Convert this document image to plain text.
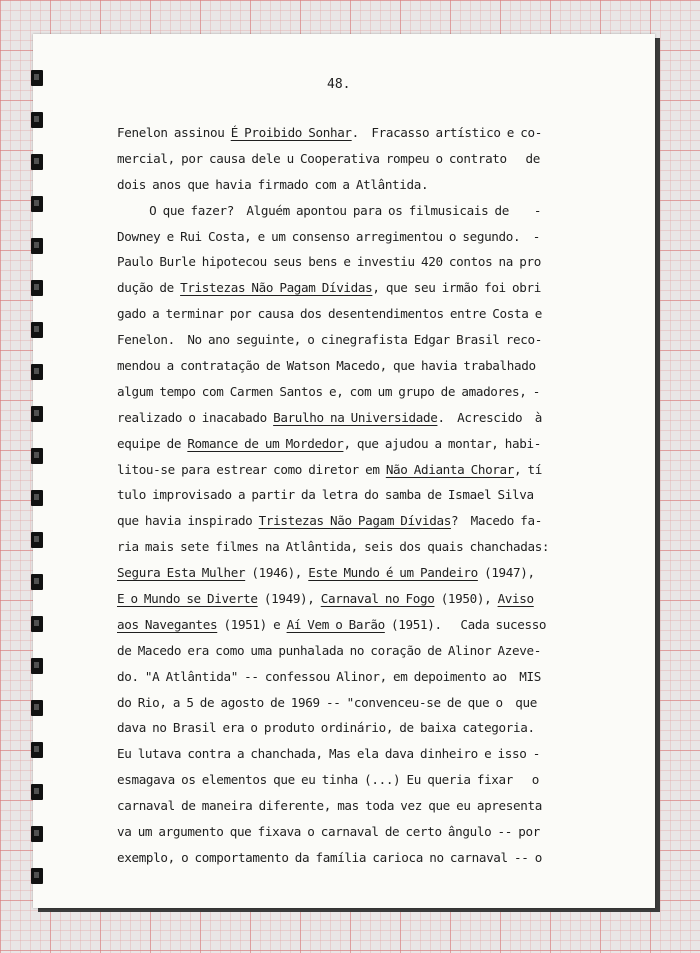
48.
Fenelon assinou É Proibido Sonhar.  Fracasso artístico e co-
mercial, por causa dele u Cooperativa rompeu o contrato   de
dois anos que havia firmado com a Atlântida.
O que fazer?  Alguém apontou para os filmusicais de    -
Downey e Rui Costa, e um consenso arregimentou o segundo.  -
Paulo Burle hipotecou seus bens e investiu 420 contos na pro
dução de Tristezas Não Pagam Dívidas, que seu irmão foi obri
gado a terminar por causa dos desentendimentos entre Costa e
Fenelon.  No ano seguinte, o cinegrafista Edgar Brasil reco-
mendou a contratação de Watson Macedo, que havia trabalhado
algum tempo com Carmen Santos e, com um grupo de amadores, -
realizado o inacabado Barulho na Universidade.  Acrescido  à
equipe de Romance de um Mordedor, que ajudou a montar, habi-
litou-se para estrear como diretor em Não Adianta Chorar, tí
tulo improvisado a partir da letra do samba de Ismael Silva
que havia inspirado Tristezas Não Pagam Dívidas?  Macedo fa-
ria mais sete filmes na Atlântida, seis dos quais chanchadas:
Segura Esta Mulher (1946), Este Mundo é um Pandeiro (1947),
E o Mundo se Diverte (1949), Carnaval no Fogo (1950), Aviso
aos Navegantes (1951) e Aí Vem o Barão (1951).   Cada sucesso
de Macedo era como uma punhalada no coração de Alinor Azeve-
do. "A Atlântida" -- confessou Alinor, em depoimento ao  MIS
do Rio, a 5 de agosto de 1969 -- "convenceu-se de que o  que
dava no Brasil era o produto ordinário, de baixa categoria.
Eu lutava contra a chanchada, Mas ela dava dinheiro e isso -
esmagava os elementos que eu tinha (...) Eu queria fixar   o
carnaval de maneira diferente, mas toda vez que eu apresenta
va um argumento que fixava o carnaval de certo ângulo -- por
exemplo, o comportamento da família carioca no carnaval -- o
